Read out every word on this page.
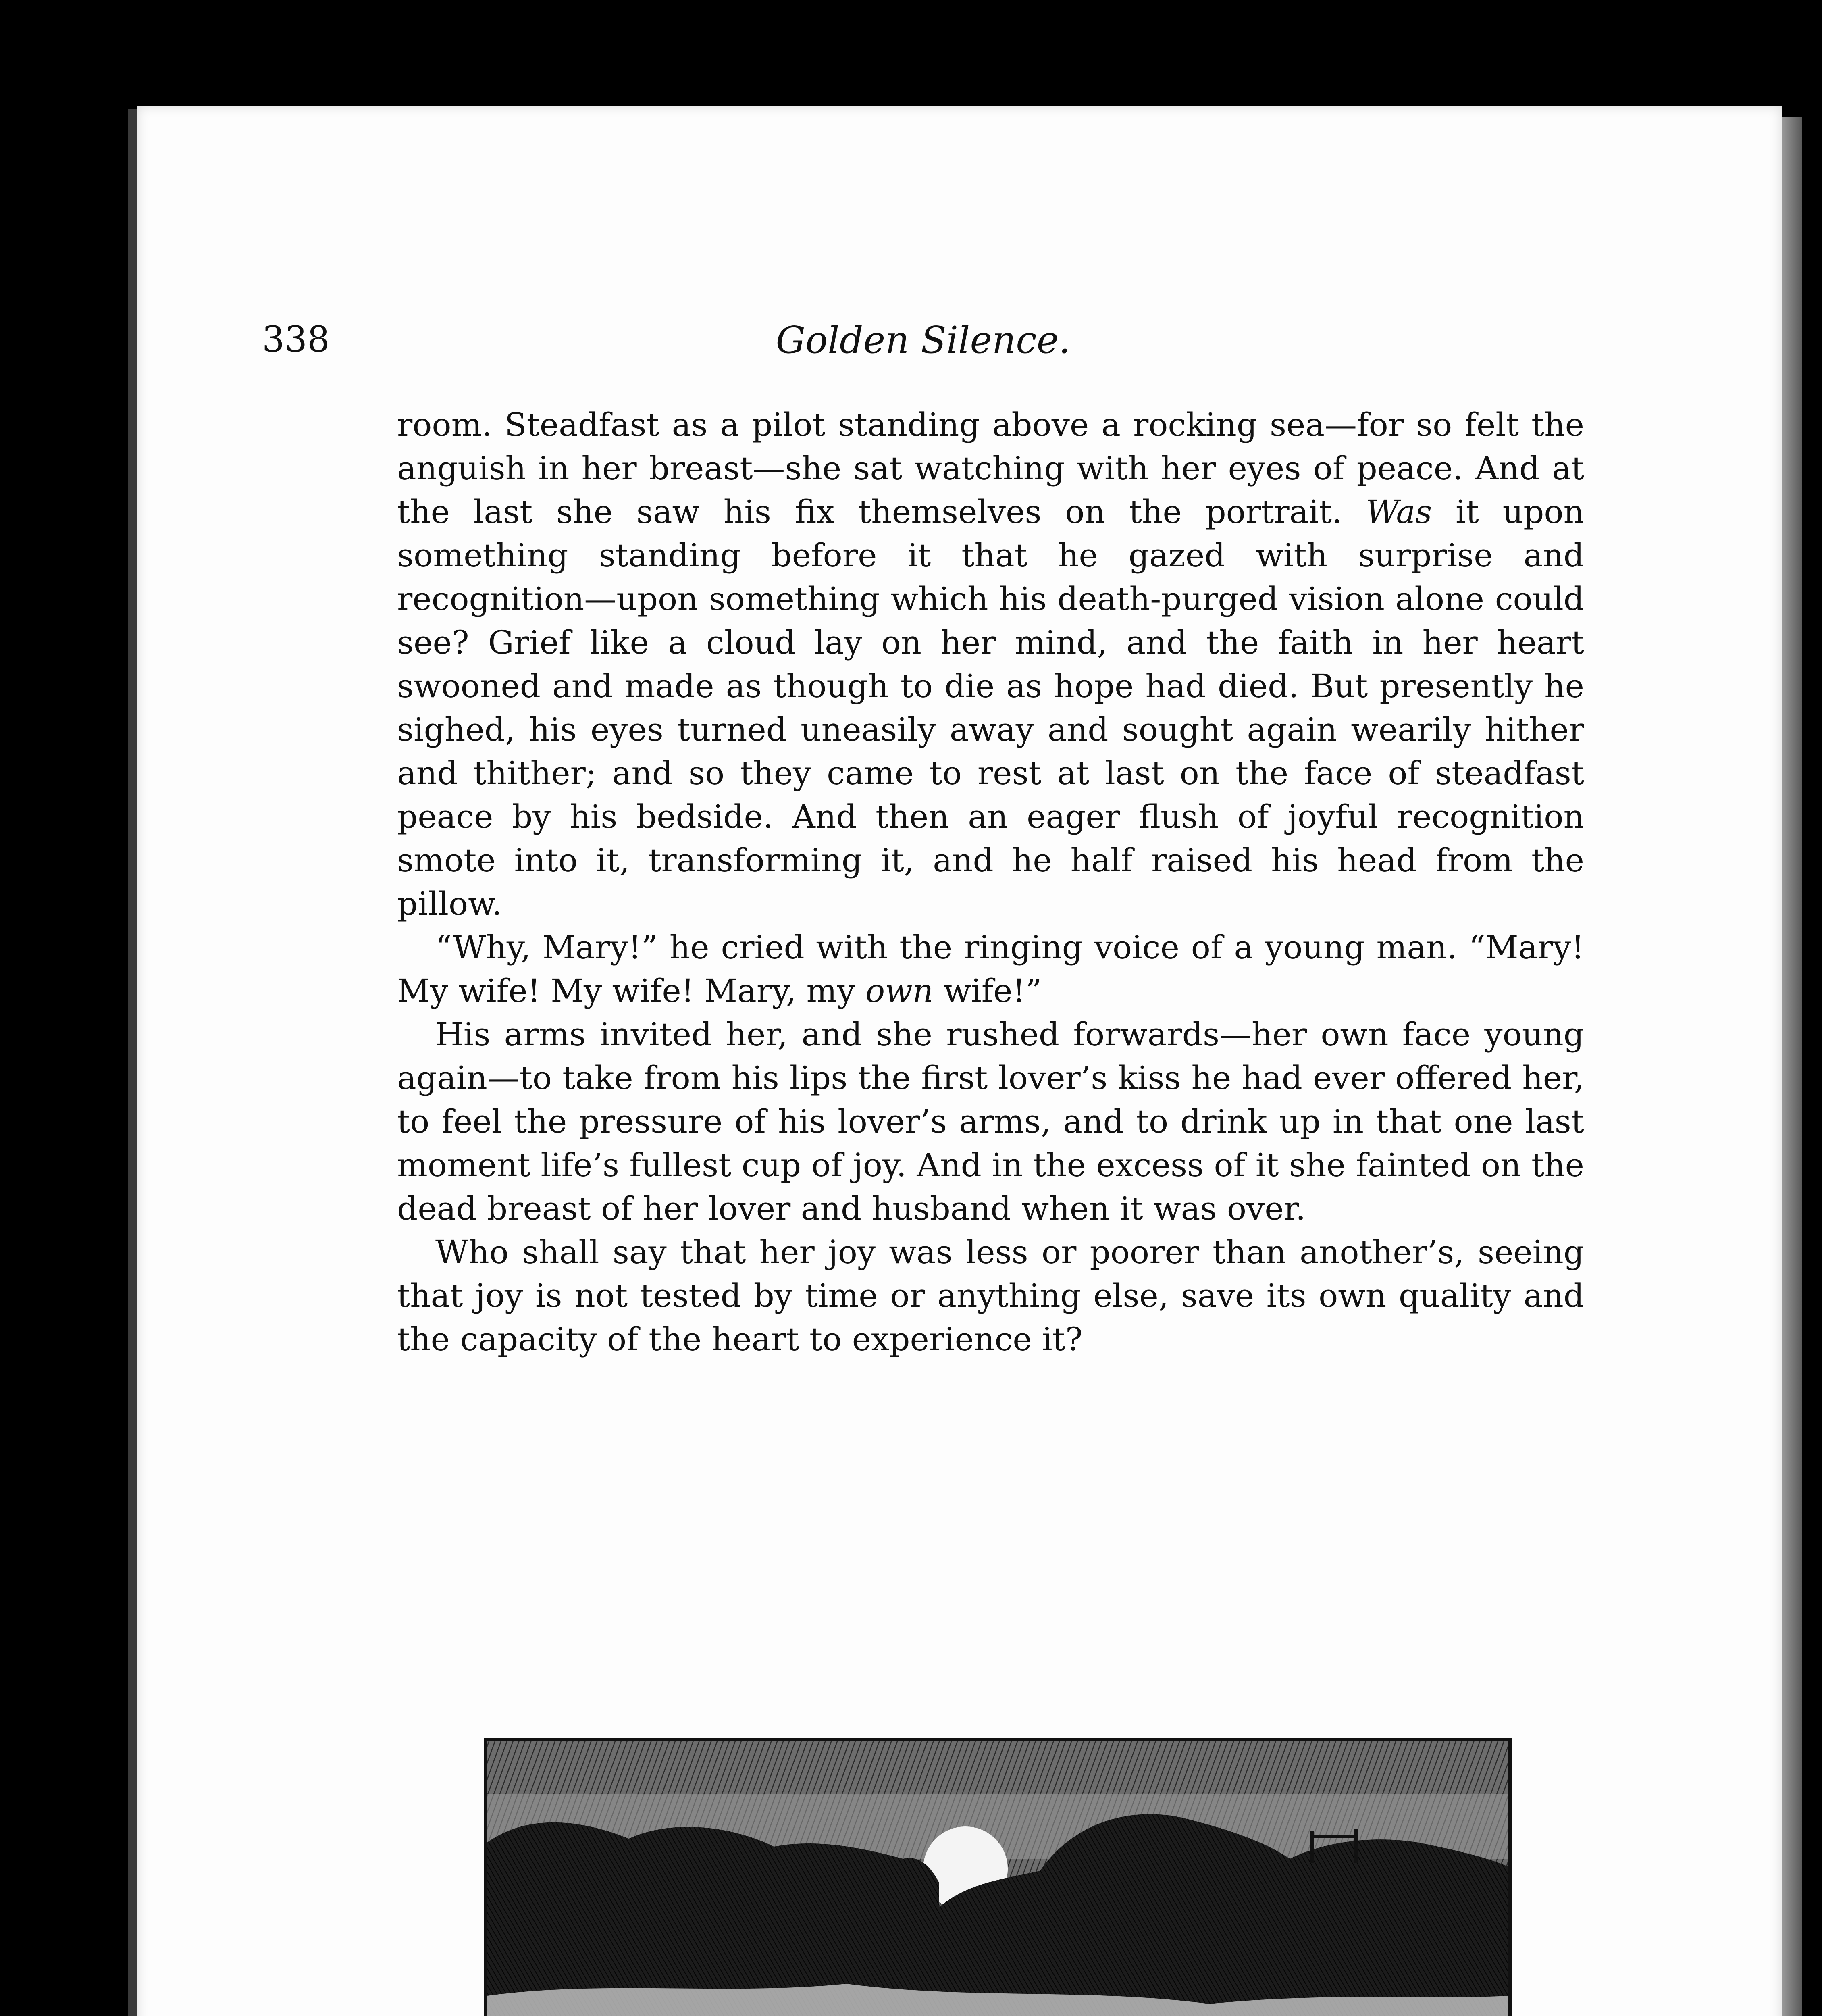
338	Golden Silence.

room. Steadfast as a pilot standing above a rocking sea—for so felt the anguish in her breast—she sat watching with her eyes of peace. And at the last she saw his fix themselves on the portrait. Was it upon something standing before it that he gazed with surprise and recognition—upon something which his death-purged vision alone could see? Grief like a cloud lay on her mind, and the faith in her heart swooned and made as though to die as hope had died. But presently he sighed, his eyes turned uneasily away and sought again wearily hither and thither; and so they came to rest at last on the face of steadfast peace by his bedside. And then an eager flush of joyful recognition smote into it, transforming it, and he half raised his head from the pillow.

“Why, Mary!” he cried with the ringing voice of a young man. “Mary! My wife! My wife! Mary, my own wife!”

His arms invited her, and she rushed forwards—her own face young again—to take from his lips the first lover’s kiss he had ever offered her, to feel the pressure of his lover’s arms, and to drink up in that one last moment life’s fullest cup of joy. And in the excess of it she fainted on the dead breast of her lover and husband when it was over.

Who shall say that her joy was less or poorer than another’s, seeing that joy is not tested by time or anything else, save its own quality and the capacity of the heart to experience it?
